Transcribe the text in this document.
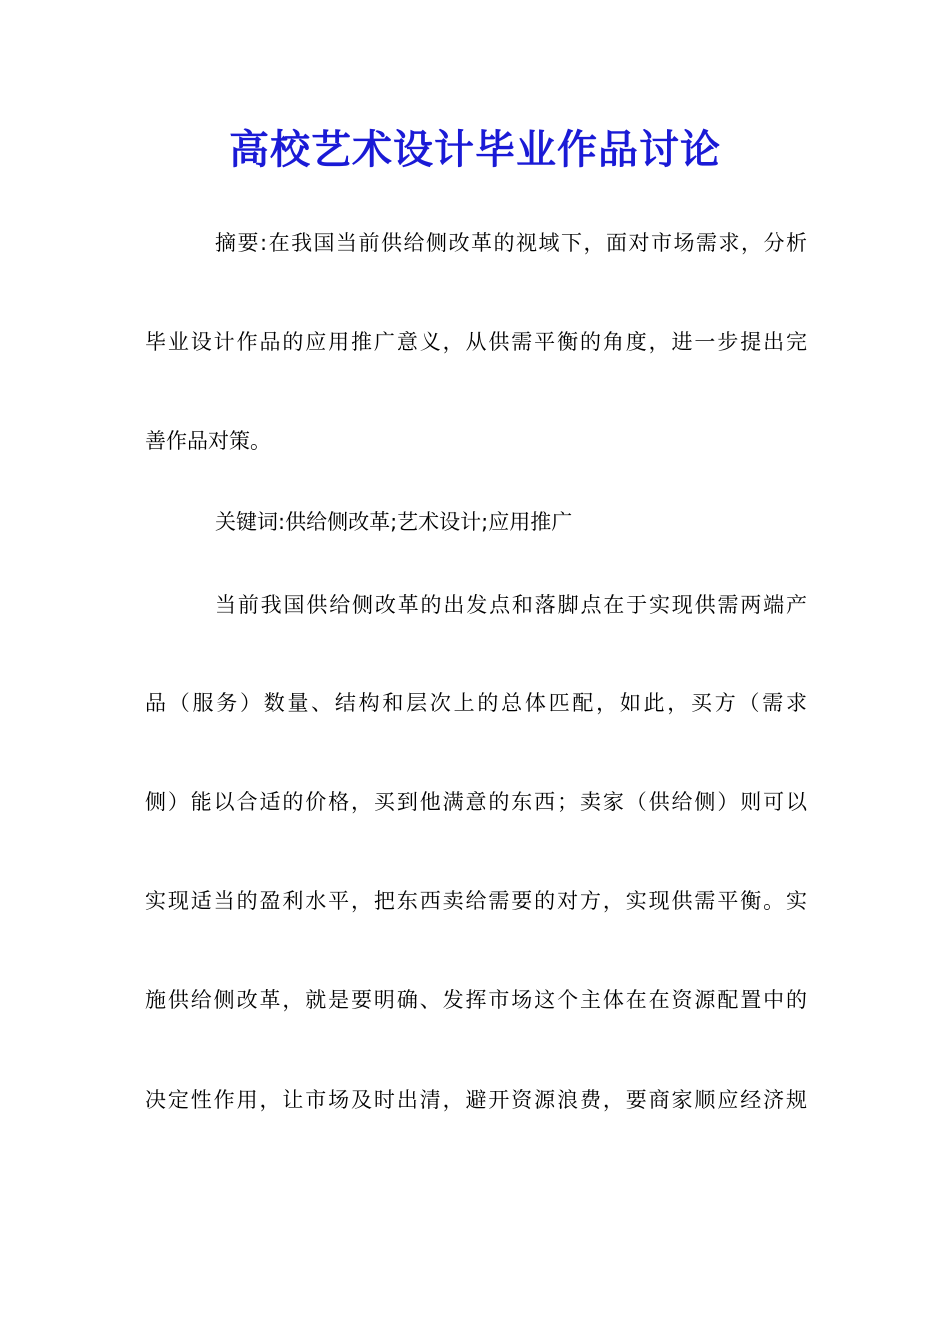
高校艺术设计毕业作品讨论

摘要:在我国当前供给侧改革的视域下，面对市场需求，分析

毕业设计作品的应用推广意义，从供需平衡的角度，进一步提出完

善作品对策。

关键词:供给侧改革;艺术设计;应用推广

当前我国供给侧改革的出发点和落脚点在于实现供需两端产

品（服务）数量、结构和层次上的总体匹配，如此，买方（需求

侧）能以合适的价格，买到他满意的东西；卖家（供给侧）则可以

实现适当的盈利水平，把东西卖给需要的对方，实现供需平衡。实

施供给侧改革，就是要明确、发挥市场这个主体在在资源配置中的

决定性作用，让市场及时出清，避开资源浪费，要商家顺应经济规
